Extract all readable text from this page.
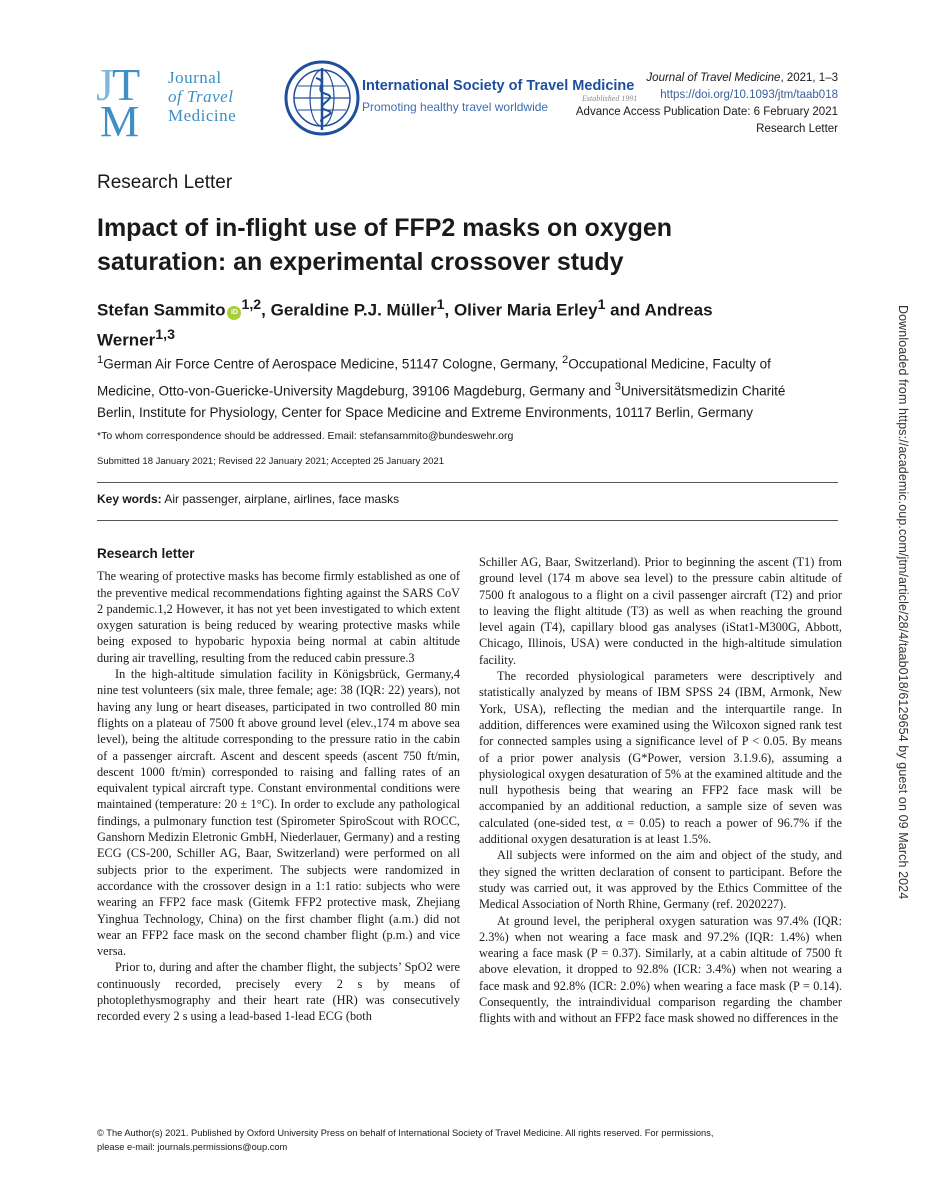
J
T
M
Journal
of Travel
Medicine
International Society of Travel Medicine
Promoting healthy travel worldwide
Established 1991
Journal of Travel Medicine, 2021, 1–3
https://doi.org/10.1093/jtm/taab018
Advance Access Publication Date: 6 February 2021
Research Letter
Research Letter
Impact of in-flight use of FFP2 masks on oxygen saturation: an experimental crossover study
Stefan Sammito iD $^{1,2}$, Geraldine P.J. Müller$^1$, Oliver Maria Erley$^1$ and Andreas Werner$^{1,3}$
$^1$German Air Force Centre of Aerospace Medicine, 51147 Cologne, Germany, $^2$Occupational Medicine, Faculty of Medicine, Otto-von-Guericke-University Magdeburg, 39106 Magdeburg, Germany and $^3$Universitätsmedizin Charité Berlin, Institute for Physiology, Center for Space Medicine and Extreme Environments, 10117 Berlin, Germany
*To whom correspondence should be addressed. Email: stefansammito@bundeswehr.org
Submitted 18 January 2021; Revised 22 January 2021; Accepted 25 January 2021
Key words: Air passenger, airplane, airlines, face masks
Research letter

The wearing of protective masks has become firmly established as one of the preventive medical recommendations fighting against the SARS CoV 2 pandemic.1,2 However, it has not yet been investigated to which extent oxygen saturation is being reduced by wearing protective masks while being exposed to hypobaric hypoxia being normal at cabin altitude during air travelling, resulting from the reduced cabin pressure.3

In the high-altitude simulation facility in Königsbrück, Germany,4 nine test volunteers (six male, three female; age: 38 (IQR: 22) years), not having any lung or heart diseases, participated in two controlled 80 min flights on a plateau of 7500 ft above ground level (elev.,174 m above sea level), being the altitude corresponding to the pressure ratio in the cabin of a passenger aircraft. Ascent and descent speeds (ascent 750 ft/min, descent 1000 ft/min) corresponded to raising and falling rates of an equivalent typical aircraft type. Constant environmental conditions were maintained (temperature: 20 ± 1°C). In order to exclude any pathological findings, a pulmonary function test (Spirometer SpiroScout with ROCC, Ganshorn Medizin Eletronic GmbH, Niederlauer, Germany) and a resting ECG (CS-200, Schiller AG, Baar, Switzerland) were performed on all subjects prior to the experiment. The subjects were randomized in accordance with the crossover design in a 1:1 ratio: subjects who were wearing an FFP2 face mask (Gitemk FFP2 protective mask, Zhejiang Yinghua Technology, China) on the first chamber flight (a.m.) did not wear an FFP2 face mask on the second chamber flight (p.m.) and vice versa.

Prior to, during and after the chamber flight, the subjects’ SpO2 were continuously recorded, precisely every 2 s by means of photoplethysmography and their heart rate (HR) was consecutively recorded every 2 s using a lead-based 1-lead ECG (both

Schiller AG, Baar, Switzerland). Prior to beginning the ascent (T1) from ground level (174 m above sea level) to the pressure cabin altitude of 7500 ft analogous to a flight on a civil passenger aircraft (T2) and prior to leaving the flight altitude (T3) as well as when reaching the ground level again (T4), capillary blood gas analyses (iStat1-M300G, Abbott, Chicago, Illinois, USA) were conducted in the high-altitude simulation facility.

The recorded physiological parameters were descriptively and statistically analyzed by means of IBM SPSS 24 (IBM, Armonk, New York, USA), reflecting the median and the interquartile range. In addition, differences were examined using the Wilcoxon signed rank test for connected samples using a significance level of P < 0.05. By means of a prior power analysis (G*Power, version 3.1.9.6), assuming a physiological oxygen desaturation of 5% at the examined altitude and the null hypothesis being that wearing an FFP2 face mask will be accompanied by an additional reduction, a sample size of seven was calculated (one-sided test, α = 0.05) to reach a power of 96.7% if the additional oxygen desaturation is at least 1.5%.

All subjects were informed on the aim and object of the study, and they signed the written declaration of consent to participant. Before the study was carried out, it was approved by the Ethics Committee of the Medical Association of North Rhine, Germany (ref. 2020227).

At ground level, the peripheral oxygen saturation was 97.4% (IQR: 2.3%) when not wearing a face mask and 97.2% (IQR: 1.4%) when wearing a face mask (P = 0.37). Similarly, at a cabin altitude of 7500 ft above elevation, it dropped to 92.8% (ICR: 3.4%) when not wearing a face mask and 92.8% (ICR: 2.0%) when wearing a face mask (P = 0.14). Consequently, the intraindividual comparison regarding the chamber flights with and without an FFP2 face mask showed no differences in the

© The Author(s) 2021. Published by Oxford University Press on behalf of International Society of Travel Medicine. All rights reserved. For permissions,
please e-mail: journals.permissions@oup.com
Downloaded from https://academic.oup.com/jtm/article/28/4/taab018/6129654 by guest on 09 March 2024
